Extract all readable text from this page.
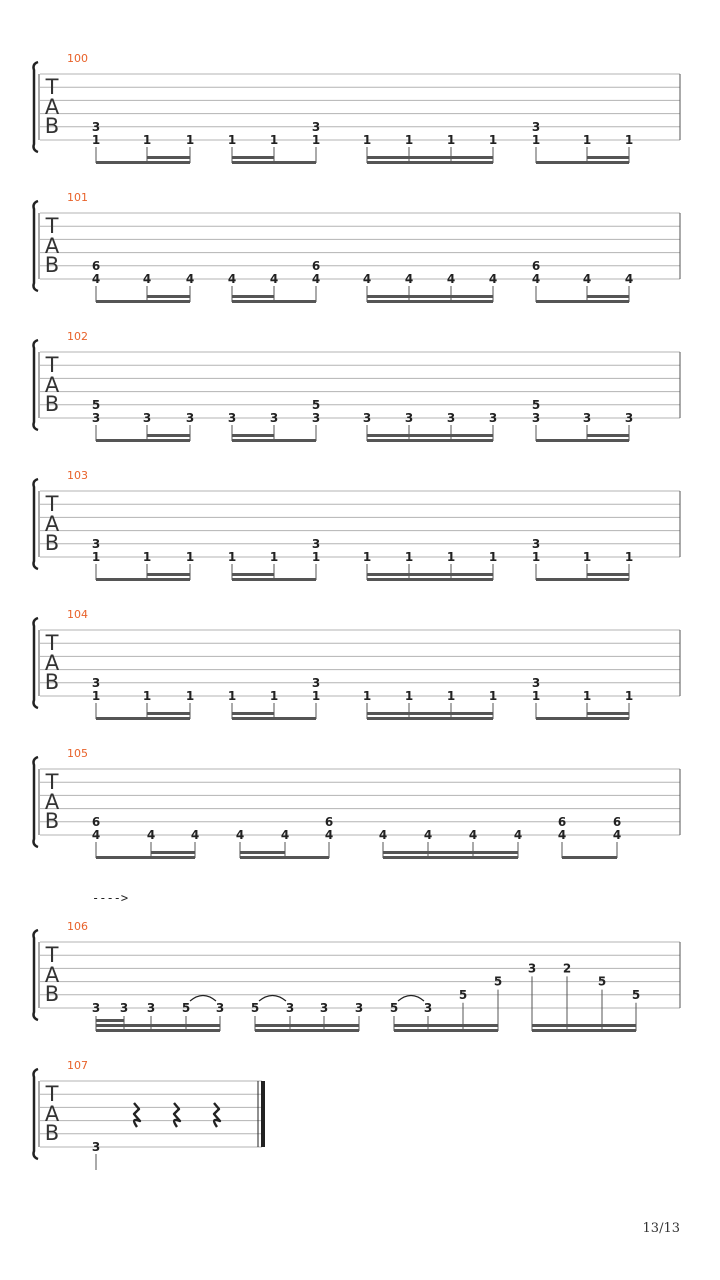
T
A
B
100
3
1	1	1	1	1
3
1	1	1	1	1
3
1	1	1
T
A
B
101
6
4	4	4	4	4
6
4	4	4	4	4
6
4	4	4
T
A
B
102
5
3	3	3	3	3
5
3	3	3	3	3
5
3	3	3
T
A
B
103
3
1	1	1	1	1
3
1	1	1	1	1
3
1	1	1
T
A
B
104
3
1	1	1	1	1
3
1	1	1	1	1
3
1	1	1
T
A
B
105
6
4	4	4	4	4
6
4	4	4	4	4
6
4
6
4
T
A
B
106
---->
3 3 3 5 3 5 3 3 3 5 3
5
5
3 2
5
5
T
A
B
107
3
13/13
